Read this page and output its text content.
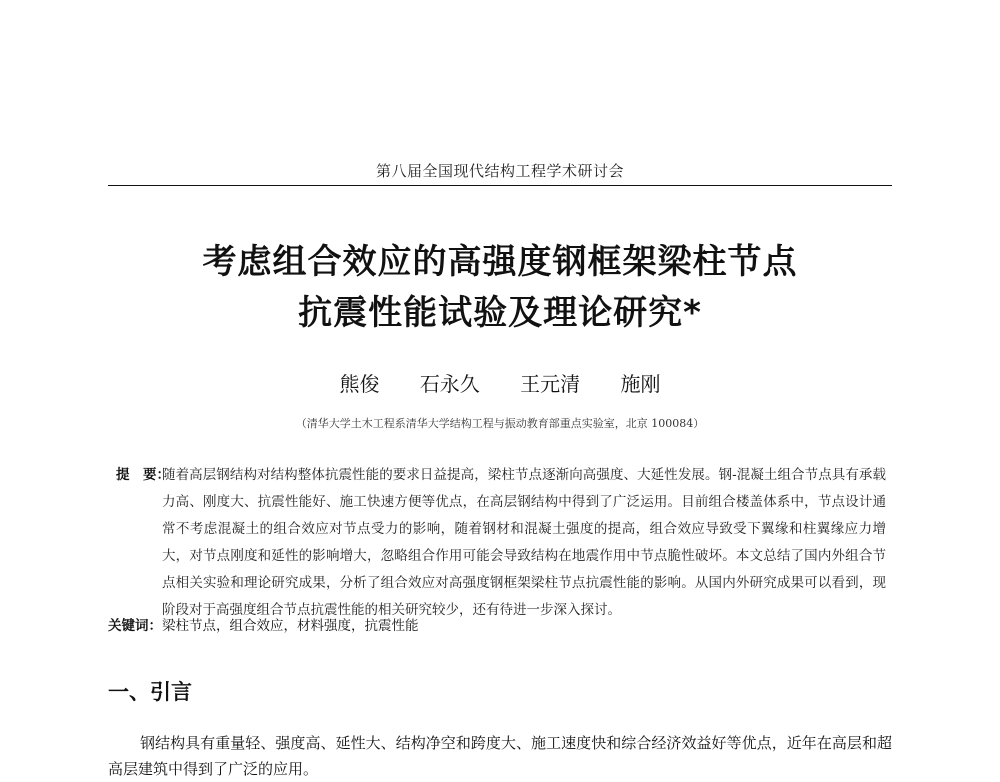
第八届全国现代结构工程学术研讨会
考虑组合效应的高强度钢框架梁柱节点
抗震性能试验及理论研究*
熊俊 石永久 王元清 施刚
（清华大学土木工程系清华大学结构工程与振动教育部重点实验室，北京 100084）
提　要：
随着高层钢结构对结构整体抗震性能的要求日益提高，梁柱节点逐渐向高强度、大延性发展。钢-混凝土组合节点具有承载力高、刚度大、抗震性能好、施工快速方便等优点，在高层钢结构中得到了广泛运用。目前组合楼盖体系中，节点设计通常不考虑混凝土的组合效应对节点受力的影响，随着钢材和混凝土强度的提高，组合效应导致受下翼缘和柱翼缘应力增大，对节点刚度和延性的影响增大，忽略组合作用可能会导致结构在地震作用中节点脆性破坏。本文总结了国内外组合节点相关实验和理论研究成果，分析了组合效应对高强度钢框架梁柱节点抗震性能的影响。从国内外研究成果可以看到，现阶段对于高强度组合节点抗震性能的相关研究较少，还有待进一步深入探讨。
关键词：梁柱节点，组合效应，材料强度，抗震性能
一、引言
钢结构具有重量轻、强度高、延性大、结构净空和跨度大、施工速度快和综合经济效益好等优点，近年在高层和超高层建筑中得到了广泛的应用。
